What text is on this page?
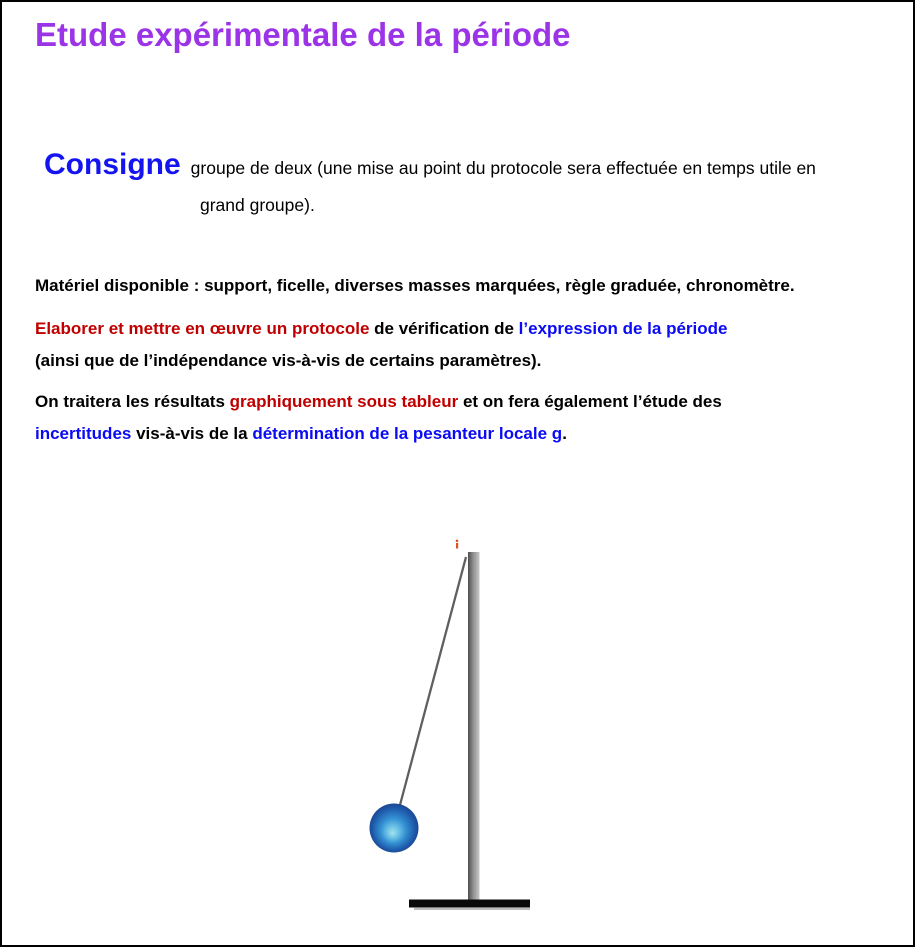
Etude expérimentale de la période
Consigne groupe de deux (une mise au point du protocole sera effectuée en temps utile en
grand groupe).

Matériel disponible : support, ficelle, diverses masses marquées, règle graduée, chronomètre.

Elaborer et mettre en œuvre un protocole de vérification de l’expression de la période
(ainsi que de l’indépendance vis-à-vis de certains paramètres).

On traitera les résultats graphiquement sous tableur et on fera également l’étude des
incertitudes vis-à-vis de la détermination de la pesanteur locale g.
